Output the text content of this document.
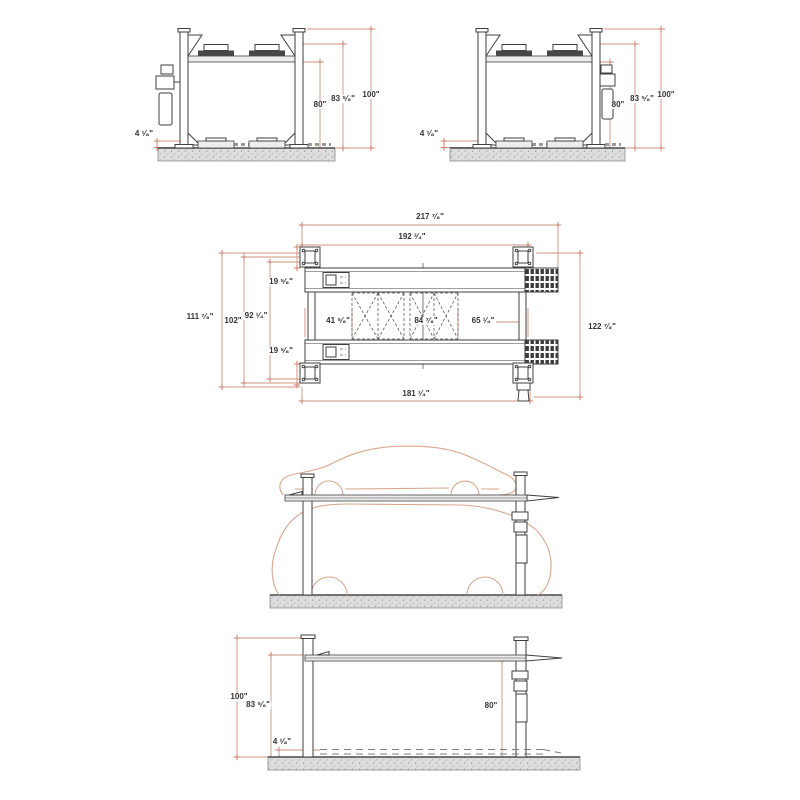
4 ¹⁄₈"
80"
83 ⁵⁄₈" 100"
4 ¹⁄₈"
80"
83 ⁵⁄₈" 100"
217 ⁷⁄₈"
192 ³⁄₄"
111 ⁷⁄₈" 102"
92 ¹⁄₄"
19 ⁵⁄₈"
19 ⁵⁄₈"
41 ⁵⁄₈"	84 ⁷⁄₈"	65 ¹⁄₄"
122 ⁷⁄₈"
181 ¹⁄₄"
100"
83 ⁵⁄₈"
4 ¹⁄₈"
80"
